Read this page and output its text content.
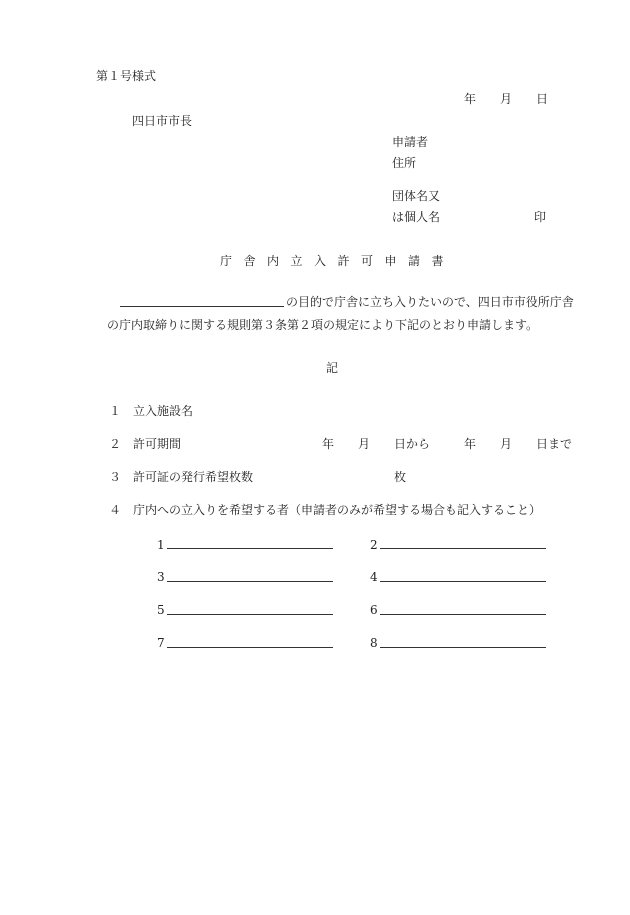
第１号様式
年 月 日
四日市市長
申請者
住所
団体名又
は個人名	印
庁 舎 内 立 入 許 可 申 請 書
の目的で庁舎に立ち入りたいので、四日市市役所庁舎
の庁内取締りに関する規則第３条第２項の規定により下記のとおり申請します。
記
１ 立入施設名
２ 許可期間	年 月 日から	年 月 日まで
３ 許可証の発行希望枚数	枚
４ 庁内への立入りを希望する者（申請者のみが希望する場合も記入すること）
1	2
3	4
5	6
7	8
